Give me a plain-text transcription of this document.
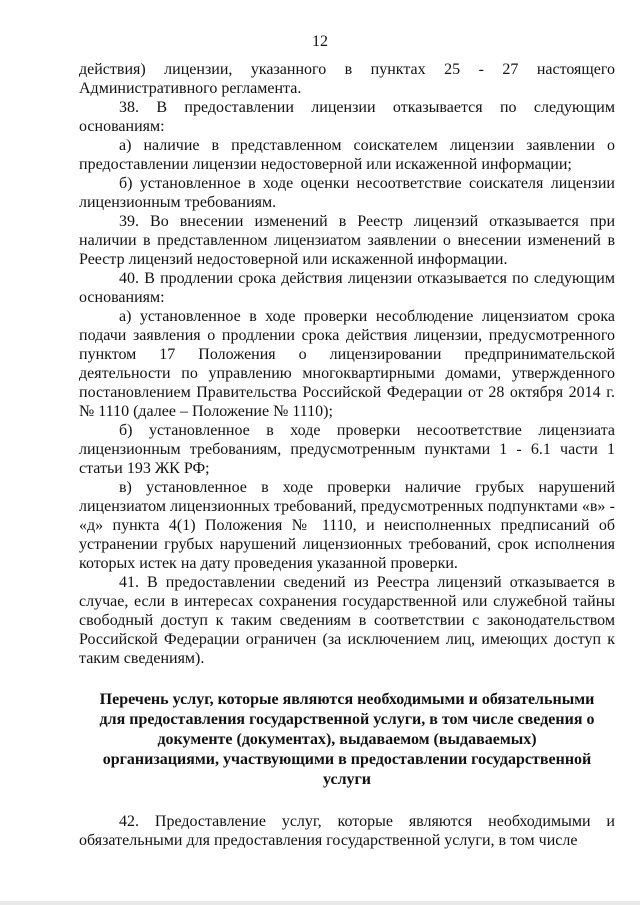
12

действия) лицензии, указанного в пунктах 25 - 27 настоящего Административного регламента.

38. В предоставлении лицензии отказывается по следующим основаниям:

а) наличие в представленном соискателем лицензии заявлении о предоставлении лицензии недостоверной или искаженной информации;

б) установленное в ходе оценки несоответствие соискателя лицензии лицензионным требованиям.

39. Во внесении изменений в Реестр лицензий отказывается при наличии в представленном лицензиатом заявлении о внесении изменений в Реестр лицензий недостоверной или искаженной информации.

40. В продлении срока действия лицензии отказывается по следующим основаниям:

а) установленное в ходе проверки несоблюдение лицензиатом срока подачи заявления о продлении срока действия лицензии, предусмотренного пунктом 17 Положения о лицензировании предпринимательской деятельности по управлению многоквартирными домами, утвержденного постановлением Правительства Российской Федерации от 28 октября 2014 г. № 1110 (далее – Положение № 1110);

б) установленное в ходе проверки несоответствие лицензиата лицензионным требованиям, предусмотренным пунктами 1 - 6.1 части 1 статьи 193 ЖК РФ;

в) установленное в ходе проверки наличие грубых нарушений лицензиатом лицензионных требований, предусмотренных подпунктами «в» - «д» пункта 4(1) Положения № 1110, и неисполненных предписаний об устранении грубых нарушений лицензионных требований, срок исполнения которых истек на дату проведения указанной проверки.

41. В предоставлении сведений из Реестра лицензий отказывается в случае, если в интересах сохранения государственной или служебной тайны свободный доступ к таким сведениям в соответствии с законодательством Российской Федерации ограничен (за исключением лиц, имеющих доступ к таким сведениям).

Перечень услуг, которые являются необходимыми и обязательными для предоставления государственной услуги, в том числе сведения о документе (документах), выдаваемом (выдаваемых) организациями, участвующими в предоставлении государственной услуги

42. Предоставление услуг, которые являются необходимыми и обязательными для предоставления государственной услуги, в том числе
